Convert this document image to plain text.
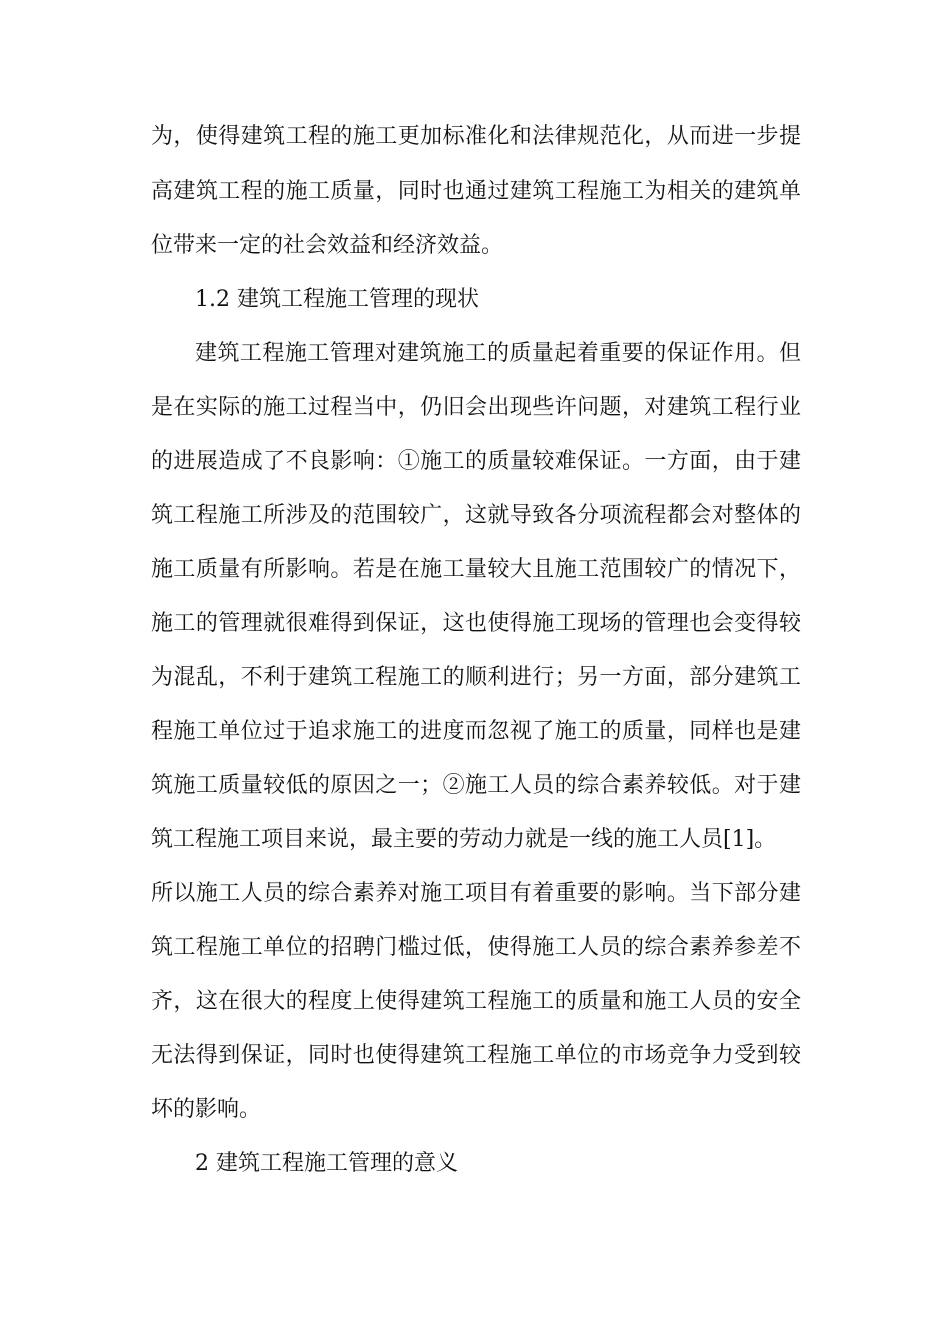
为，使得建筑工程的施工更加标准化和法律规范化，从而进一步提
高建筑工程的施工质量，同时也通过建筑工程施工为相关的建筑单
位带来一定的社会效益和经济效益。
1.2 建筑工程施工管理的现状
建筑工程施工管理对建筑施工的质量起着重要的保证作用。但
是在实际的施工过程当中，仍旧会出现些许问题，对建筑工程行业
的进展造成了不良影响：①施工的质量较难保证。一方面，由于建
筑工程施工所涉及的范围较广，这就导致各分项流程都会对整体的
施工质量有所影响。若是在施工量较大且施工范围较广的情况下，
施工的管理就很难得到保证，这也使得施工现场的管理也会变得较
为混乱，不利于建筑工程施工的顺利进行；另一方面，部分建筑工
程施工单位过于追求施工的进度而忽视了施工的质量，同样也是建
筑施工质量较低的原因之一；②施工人员的综合素养较低。对于建
筑工程施工项目来说，最主要的劳动力就是一线的施工人员[1]。
所以施工人员的综合素养对施工项目有着重要的影响。当下部分建
筑工程施工单位的招聘门槛过低，使得施工人员的综合素养参差不
齐，这在很大的程度上使得建筑工程施工的质量和施工人员的安全
无法得到保证，同时也使得建筑工程施工单位的市场竞争力受到较
坏的影响。
2 建筑工程施工管理的意义
